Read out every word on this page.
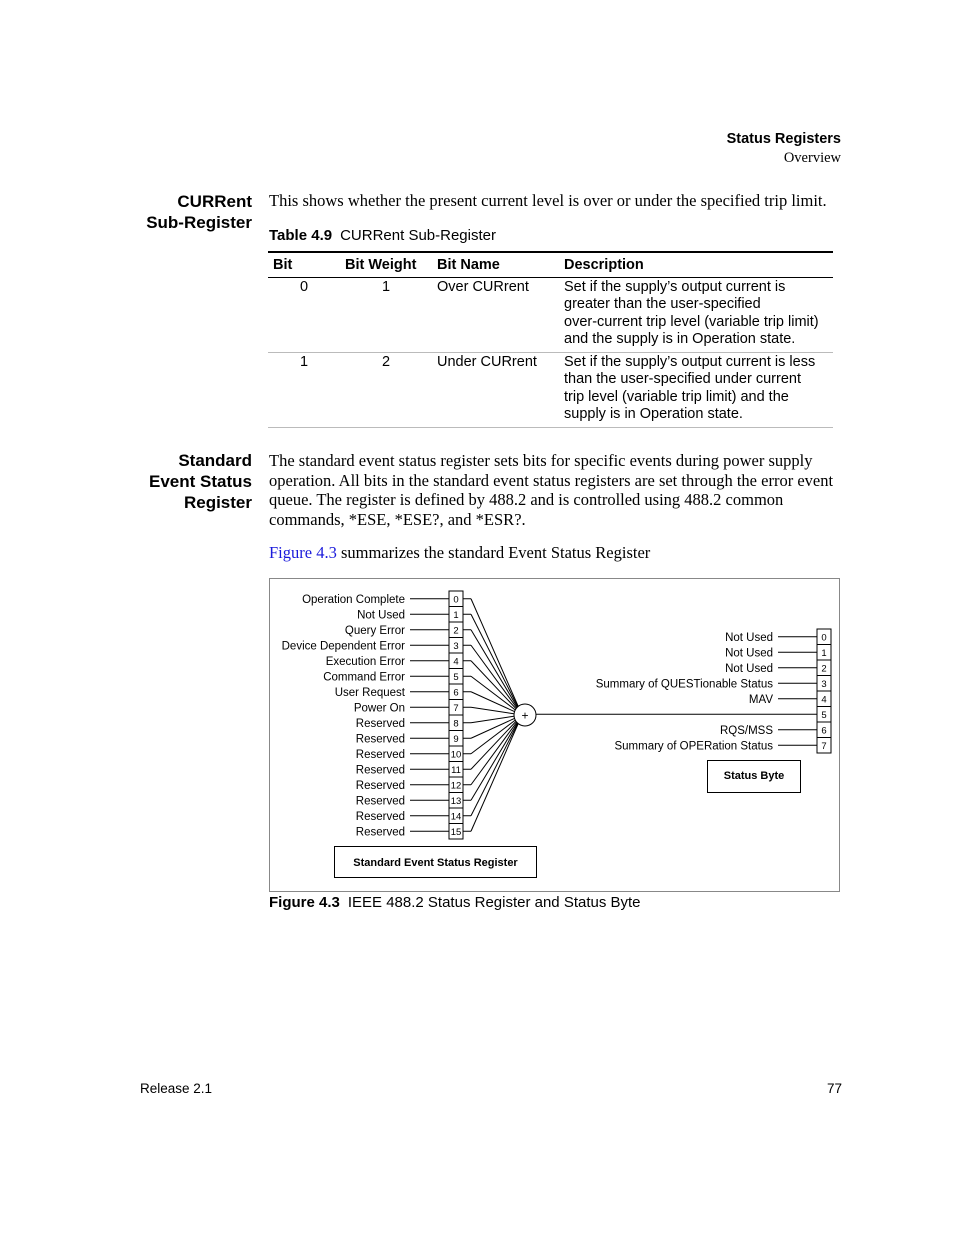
Status Registers
Overview
CURRent
Sub-Register
This shows whether the present current level is over or under the specified trip limit.
Table 4.9 CURRent Sub-Register
Bit	Bit Weight	Bit Name	Description
0	1	Over CURrent	Set if the supply’s output current is
greater than the user-specified
over-current trip level (variable trip limit)
and the supply is in Operation state.

1	2	Under CURrent	Set if the supply’s output current is less
than the user-specified under current
trip level (variable trip limit) and the
supply is in Operation state.
Standard
Event Status
Register
The standard event status register sets bits for specific events during power supply
operation. All bits in the standard event status registers are set through the error event
queue. The register is defined by 488.2 and is controlled using 488.2 common
commands, *ESE, *ESE?, and *ESR?.
Figure 4.3 summarizes the standard Event Status Register
0
Operation Complete
1
Not Used
2
Query Error
3
Device Dependent Error
4
Execution Error
5
Command Error
6
User Request
7
Power On
8
Reserved
9
Reserved
10
Reserved
11
Reserved
12
Reserved
13
Reserved
14
Reserved
15
Reserved
+
0
Not Used
1
Not Used
2
Not Used
3
Summary of QUESTionable Status
4
MAV
5
6
RQS/MSS
7
Summary of OPERation Status
Standard Event Status Register
Status Byte
Figure 4.3 IEEE 488.2 Status Register and Status Byte
Release 2.1	77
